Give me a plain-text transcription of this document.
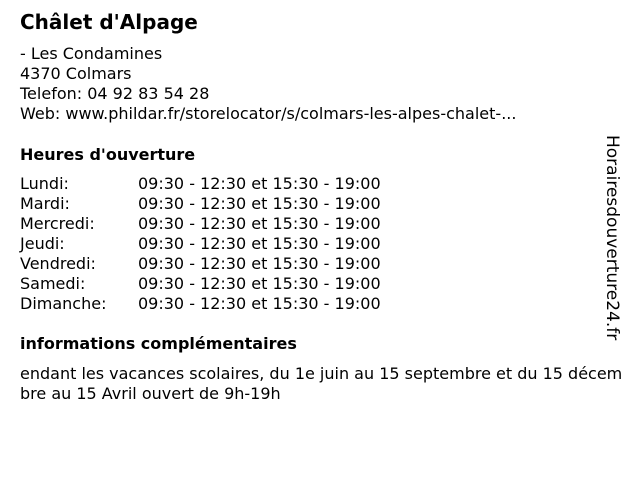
Châlet d'Alpage
- Les Condamines
4370 Colmars
Telefon: 04 92 83 54 28
Web: www.phildar.fr/storelocator/s/colmars-les-alpes-chalet-...
Heures d'ouverture
Lundi:	09:30 - 12:30 et 15:30 - 19:00
Mardi:	09:30 - 12:30 et 15:30 - 19:00
Mercredi:	09:30 - 12:30 et 15:30 - 19:00
Jeudi:	09:30 - 12:30 et 15:30 - 19:00
Vendredi:	09:30 - 12:30 et 15:30 - 19:00
Samedi:	09:30 - 12:30 et 15:30 - 19:00
Dimanche:	09:30 - 12:30 et 15:30 - 19:00
informations complémentaires
endant les vacances scolaires, du 1e juin au 15 septembre et du 15 décembre au 15 Avril ouvert de 9h-19h
Horairesdouverture24.fr
